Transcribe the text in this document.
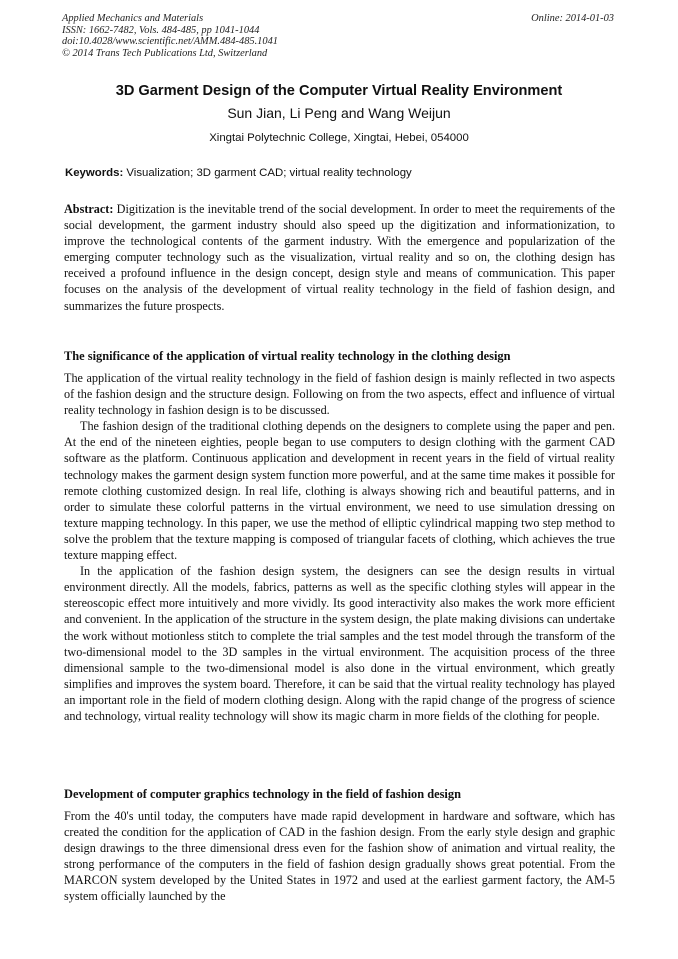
Applied Mechanics and Materials
ISSN: 1662-7482, Vols. 484-485, pp 1041-1044
doi:10.4028/www.scientific.net/AMM.484-485.1041
© 2014 Trans Tech Publications Ltd, Switzerland
Online: 2014-01-03
3D Garment Design of the Computer Virtual Reality Environment
Sun Jian, Li Peng and Wang Weijun
Xingtai Polytechnic College, Xingtai, Hebei, 054000
Keywords: Visualization; 3D garment CAD; virtual reality technology

Abstract: Digitization is the inevitable trend of the social development. In order to meet the requirements of the social development, the garment industry should also speed up the digitization and informationization, to improve the technological contents of the garment industry. With the emergence and popularization of the emerging computer technology such as the visualization, virtual reality and so on, the clothing design has received a profound influence in the design concept, design style and means of communication. This paper focuses on the analysis of the development of virtual reality technology in the field of fashion design, and summarizes the future prospects.

The significance of the application of virtual reality technology in the clothing design

The application of the virtual reality technology in the field of fashion design is mainly reflected in two aspects of the fashion design and the structure design. Following on from the two aspects, effect and influence of virtual reality technology in fashion design is to be discussed.

The fashion design of the traditional clothing depends on the designers to complete using the paper and pen. At the end of the nineteen eighties, people began to use computers to design clothing with the garment CAD software as the platform. Continuous application and development in recent years in the field of virtual reality technology makes the garment design system function more powerful, and at the same time makes it possible for remote clothing customized design. In real life, clothing is always showing rich and beautiful patterns, and in order to simulate these colorful patterns in the virtual environment, we need to use simulation dressing on texture mapping technology. In this paper, we use the method of elliptic cylindrical mapping two step method to solve the problem that the texture mapping is composed of triangular facets of clothing, which achieves the true texture mapping effect.

In the application of the fashion design system, the designers can see the design results in virtual environment directly. All the models, fabrics, patterns as well as the specific clothing styles will appear in the stereoscopic effect more intuitively and more vividly. Its good interactivity also makes the work more efficient and convenient. In the application of the structure in the system design, the plate making divisions can undertake the work without motionless stitch to complete the trial samples and the test model through the transform of the two-dimensional model to the 3D samples in the virtual environment. The acquisition process of the three dimensional sample to the two-dimensional model is also done in the virtual environment, which greatly simplifies and improves the system board. Therefore, it can be said that the virtual reality technology has played an important role in the field of modern clothing design. Along with the rapid change of the progress of science and technology, virtual reality technology will show its magic charm in more fields of the clothing for people.

Development of computer graphics technology in the field of fashion design

From the 40's until today, the computers have made rapid development in hardware and software, which has created the condition for the application of CAD in the fashion design. From the early style design and graphic design drawings to the three dimensional dress even for the fashion show of animation and virtual reality, the strong performance of the computers in the field of fashion design gradually shows great potential. From the MARCON system developed by the United States in 1972 and used at the earliest garment factory, the AM-5 system officially launched by the
